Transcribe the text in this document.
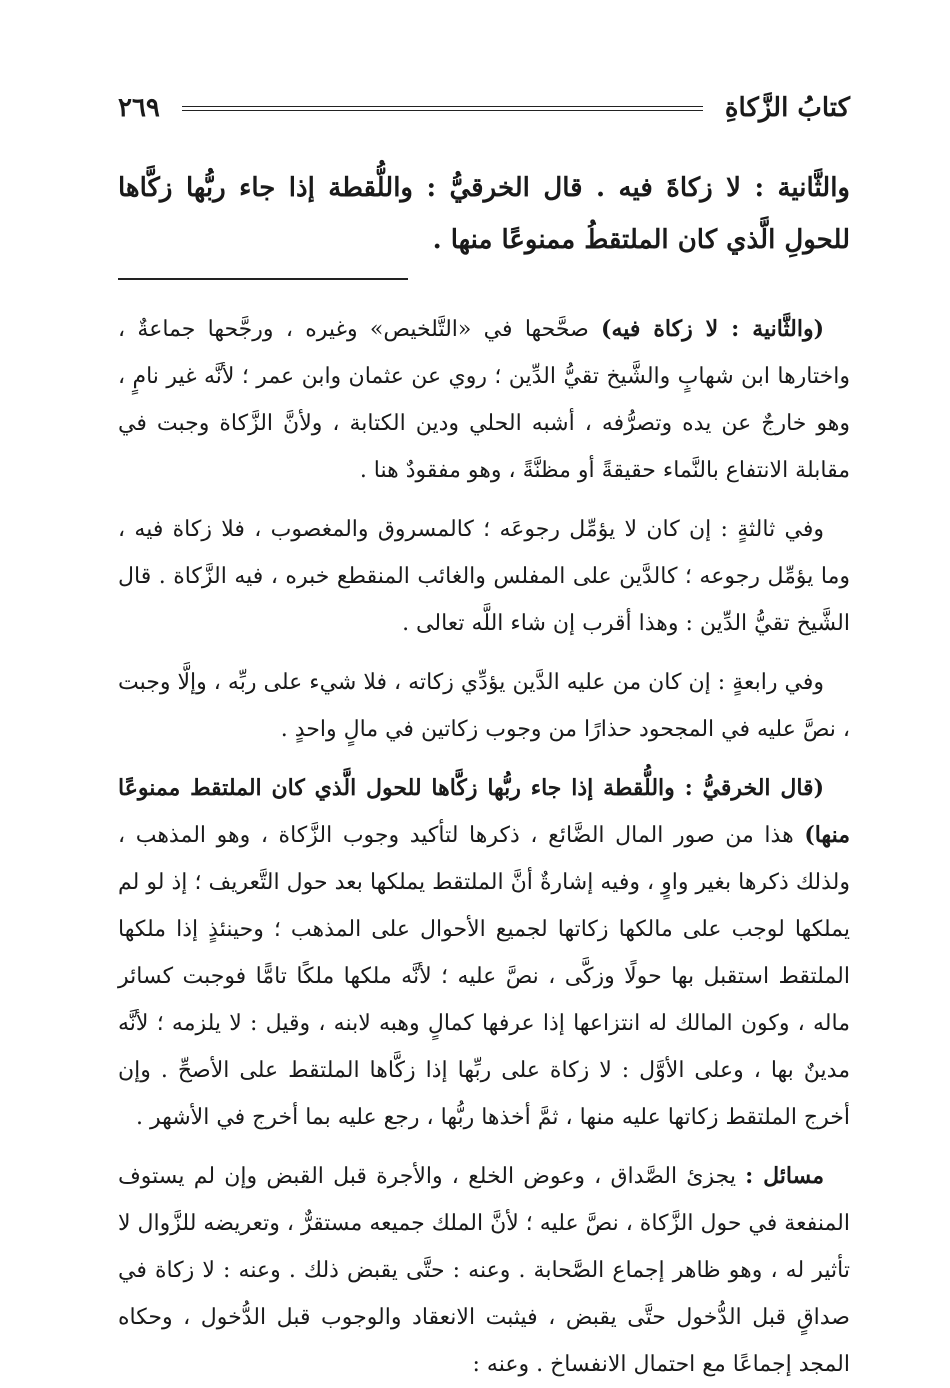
كتابُ الزَّكاةِ
٢٦٩
والثَّانية : لا زكاةَ فيه . قال الخرقيُّ : واللُّقطة إذا جاء ربُّها زكَّاها للحولِ الَّذي كان الملتقطُ ممنوعًا منها .

(والثَّانية : لا زكاة فيه) صحَّحها في «التَّلخيص» وغيره ، ورجَّحها جماعةٌ ، واختارها ابن شهابٍ والشَّيخ تقيُّ الدِّين ؛ روي عن عثمان وابن عمر ؛ لأنَّه غير نامٍ ، وهو خارجٌ عن يده وتصرُّفه ، أشبه الحلي ودين الكتابة ، ولأنَّ الزَّكاة وجبت في مقابلة الانتفاع بالنَّماء حقيقةً أو مظنَّةً ، وهو مفقودٌ هنا .

وفي ثالثةٍ : إن كان لا يؤمِّل رجوعَه ؛ كالمسروق والمغصوب ، فلا زكاة فيه ، وما يؤمِّل رجوعه ؛ كالدَّين على المفلس والغائب المنقطع خبره ، فيه الزَّكاة . قال الشَّيخ تقيُّ الدِّين : وهذا أقرب إن شاء اللَّه تعالى .

وفي رابعةٍ : إن كان من عليه الدَّين يؤدِّي زكاته ، فلا شيء على ربِّه ، وإلَّا وجبت ، نصَّ عليه في المجحود حذارًا من وجوب زكاتين في مالٍ واحدٍ .

(قال الخرقيُّ : واللُّقطة إذا جاء ربُّها زكَّاها للحول الَّذي كان الملتقط ممنوعًا منها) هذا من صور المال الضَّائع ، ذكرها لتأكيد وجوب الزَّكاة ، وهو المذهب ، ولذلك ذكرها بغير واوٍ ، وفيه إشارةٌ أنَّ الملتقط يملكها بعد حول التَّعريف ؛ إذ لو لم يملكها لوجب على مالكها زكاتها لجميع الأحوال على المذهب ؛ وحينئذٍ إذا ملكها الملتقط استقبل بها حولًا وزكَّى ، نصَّ عليه ؛ لأنَّه ملكها ملكًا تامًّا فوجبت كسائر ماله ، وكون المالك له انتزاعها إذا عرفها كمالٍ وهبه لابنه ، وقيل : لا يلزمه ؛ لأنَّه مدينٌ بها ، وعلى الأوَّل : لا زكاة على ربِّها إذا زكَّاها الملتقط على الأصحِّ . وإن أخرج الملتقط زكاتها عليه منها ، ثمَّ أخذها ربُّها ، رجع عليه بما أخرج في الأشهر .

مسائل : يجزئ الصَّداق ، وعوض الخلع ، والأجرة قبل القبض وإن لم يستوف المنفعة في حول الزَّكاة ، نصَّ عليه ؛ لأنَّ الملك جميعه مستقرٌّ ، وتعريضه للزَّوال لا تأثير له ، وهو ظاهر إجماع الصَّحابة . وعنه : حتَّى يقبض ذلك . وعنه : لا زكاة في صداقٍ قبل الدُّخول حتَّى يقبض ، فيثبت الانعقاد والوجوب قبل الدُّخول ، وحكاه المجد إجماعًا مع احتمال الانفساخ . وعنه :
